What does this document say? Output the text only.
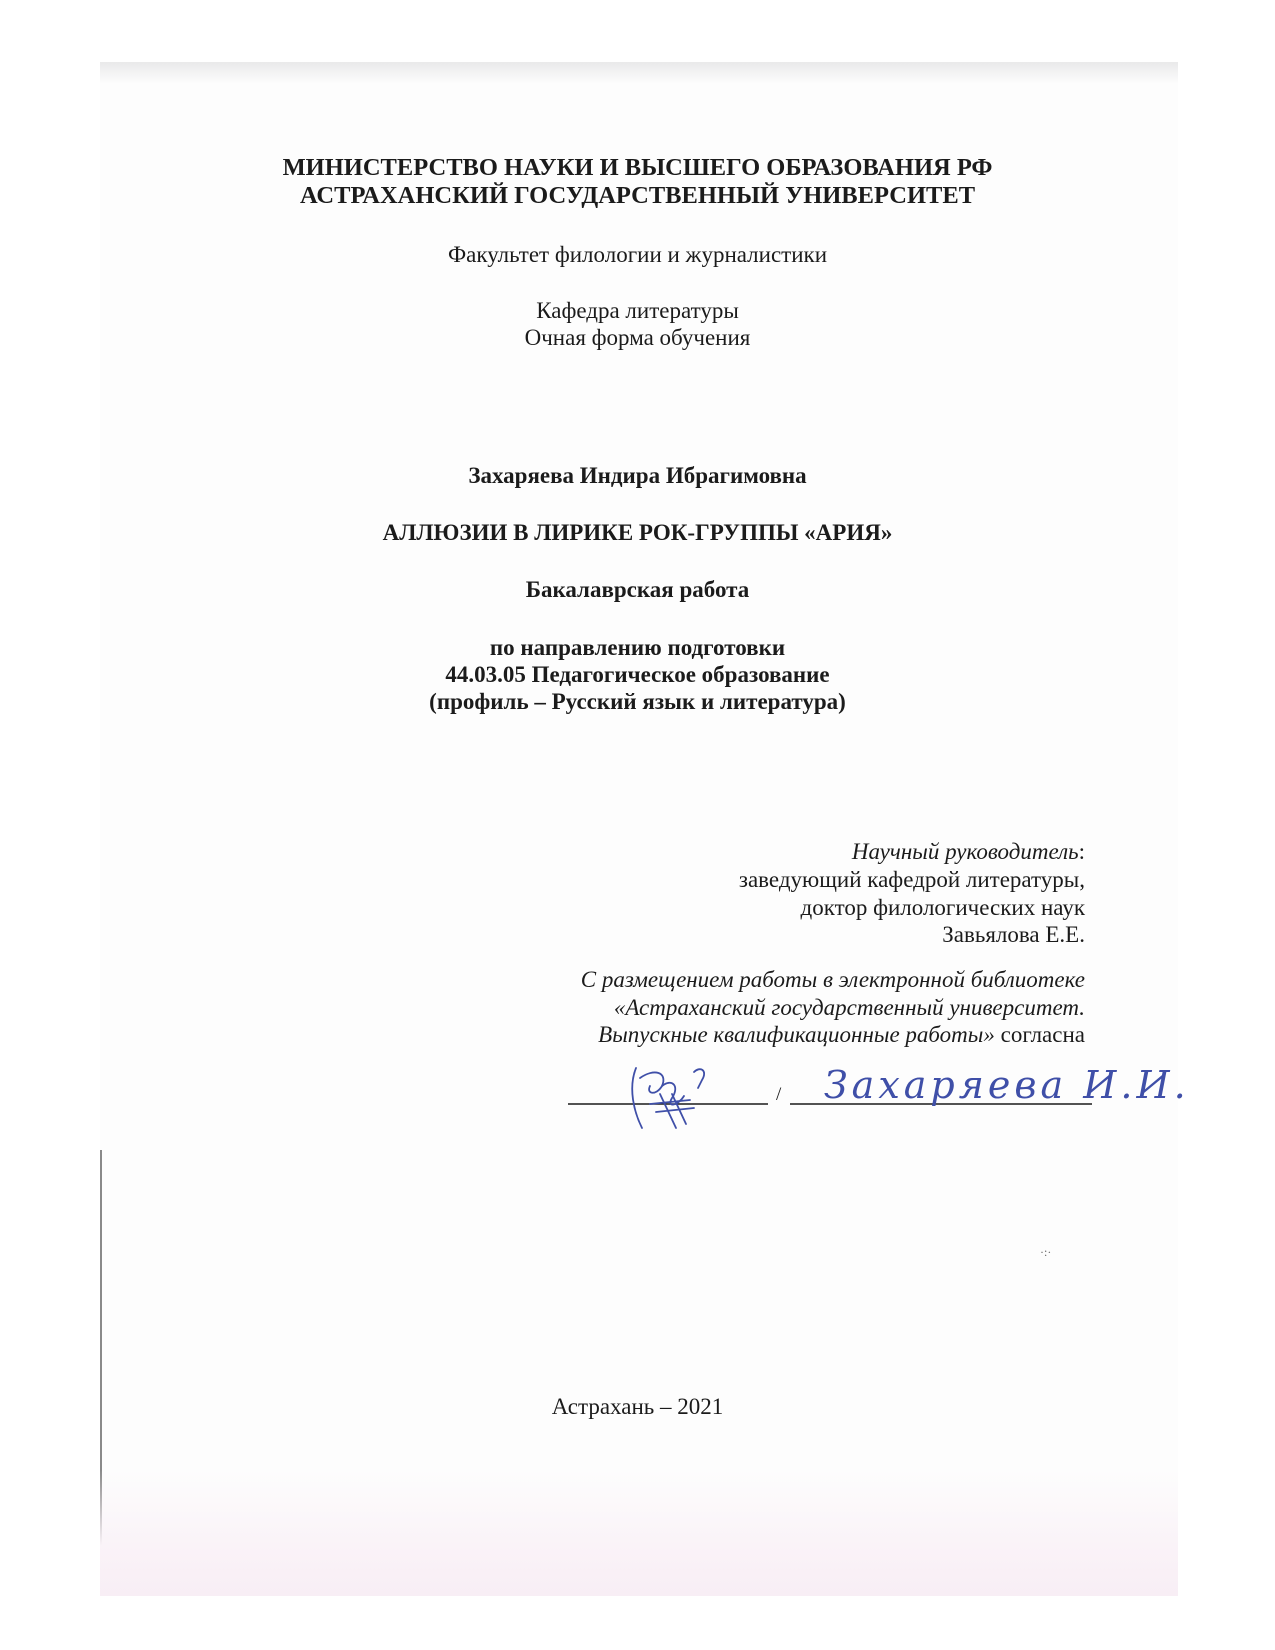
МИНИСТЕРСТВО НАУКИ И ВЫСШЕГО ОБРАЗОВАНИЯ РФ
АСТРАХАНСКИЙ ГОСУДАРСТВЕННЫЙ УНИВЕРСИТЕТ
Факультет филологии и журналистики
Кафедра литературы
Очная форма обучения
Захаряева Индира Ибрагимовна
АЛЛЮЗИИ В ЛИРИКЕ РОК-ГРУППЫ «АРИЯ»
Бакалаврская работа
по направлению подготовки
44.03.05 Педагогическое образование
(профиль – Русский язык и литература)
Научный руководитель:
заведующий кафедрой литературы,
доктор филологических наук
Завьялова Е.Е.
С размещением работы в электронной библиотеке
«Астраханский государственный университет.
Выпускные квалификационные работы» согласна
Захаряева И.И.
/
·:·
Астрахань – 2021
